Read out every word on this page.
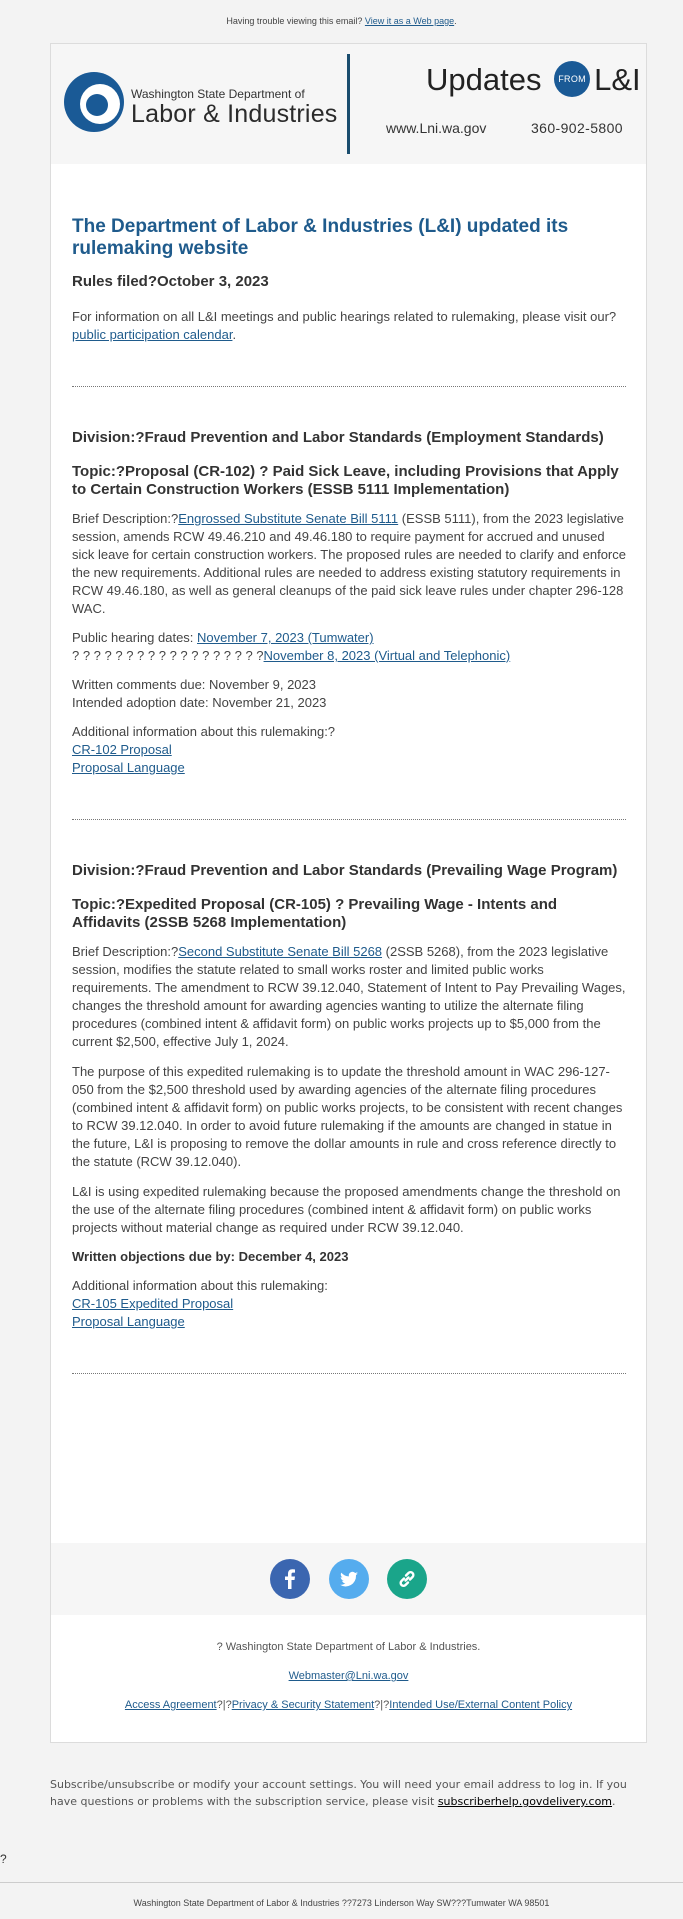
Having trouble viewing this email? View it as a Web page.
Washington State Department of
Labor & Industries
Updates FROM L&I
www.Lni.wa.gov	360-902-5800
The Department of Labor & Industries (L&I) updated its rulemaking website
Rules filed?October 3, 2023

For information on all L&I meetings and public hearings related to rulemaking, please visit our?public participation calendar.

Division:?Fraud Prevention and Labor Standards (Employment Standards)
Topic:?Proposal (CR-102) ? Paid Sick Leave, including Provisions that Apply to Certain Construction Workers (ESSB 5111 Implementation)

Brief Description:?Engrossed Substitute Senate Bill 5111 (ESSB 5111), from the 2023 legislative session, amends RCW 49.46.210 and 49.46.180 to require payment for accrued and unused sick leave for certain construction workers. The proposed rules are needed to clarify and enforce the new requirements. Additional rules are needed to address existing statutory requirements in RCW 49.46.180, as well as general cleanups of the paid sick leave rules under chapter 296-128 WAC.

Public hearing dates: November 7, 2023 (Tumwater)
? ? ? ? ? ? ? ? ? ? ? ? ? ? ? ? ? ?November 8, 2023 (Virtual and Telephonic)

Written comments due: November 9, 2023
Intended adoption date: November 21, 2023

Additional information about this rulemaking:?
CR-102 Proposal
Proposal Language

Division:?Fraud Prevention and Labor Standards (Prevailing Wage Program)
Topic:?Expedited Proposal (CR-105) ? Prevailing Wage - Intents and Affidavits (2SSB 5268 Implementation)

Brief Description:?Second Substitute Senate Bill 5268 (2SSB 5268), from the 2023 legislative session, modifies the statute related to small works roster and limited public works requirements. The amendment to RCW 39.12.040, Statement of Intent to Pay Prevailing Wages, changes the threshold amount for awarding agencies wanting to utilize the alternate filing procedures (combined intent & affidavit form) on public works projects up to $5,000 from the current $2,500, effective July 1, 2024.

The purpose of this expedited rulemaking is to update the threshold amount in WAC 296-127-050 from the $2,500 threshold used by awarding agencies of the alternate filing procedures (combined intent & affidavit form) on public works projects, to be consistent with recent changes to RCW 39.12.040. In order to avoid future rulemaking if the amounts are changed in statue in the future, L&I is proposing to remove the dollar amounts in rule and cross reference directly to the statute (RCW 39.12.040).

L&I is using expedited rulemaking because the proposed amendments change the threshold on the use of the alternate filing procedures (combined intent & affidavit form) on public works projects without material change as required under RCW 39.12.040.

Written objections due by: December 4, 2023

Additional information about this rulemaking:
CR-105 Expedited Proposal
Proposal Language

? Washington State Department of Labor & Industries.
Webmaster@Lni.wa.gov
Access Agreement?|?Privacy & Security Statement?|?Intended Use/External Content Policy
Subscribe/unsubscribe or modify your account settings. You will need your email address to log in. If you have questions or problems with the subscription service, please visit subscriberhelp.govdelivery.com.
?
Washington State Department of Labor & Industries ??7273 Linderson Way SW???Tumwater WA 98501
